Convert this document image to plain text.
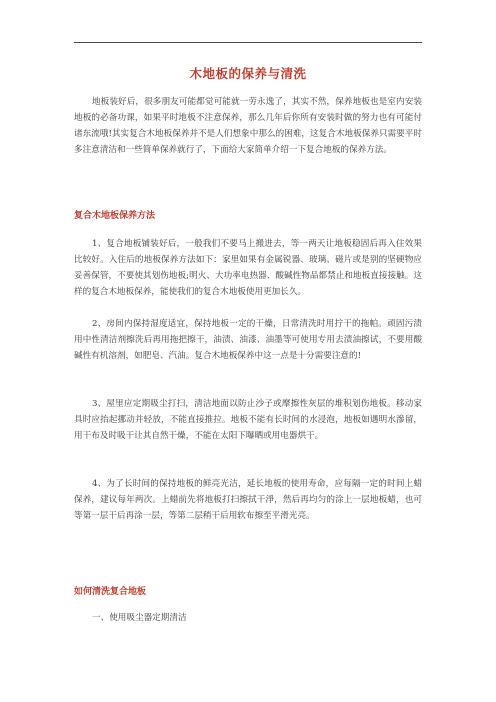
木地板的保养与清洗
地板装好后，很多朋友可能都觉可能就一劳永逸了，其实不然，保养地板也是室内安装地板的必备功课，如果平时地板不注意保养，那么几年后你所有安装时做的努力也有可能付诸东流哦!其实复合木地板保养并不是人们想象中那么的困难，这复合木地板保养只需要平时多注意清洁和一些简单保养就行了，下面给大家简单介绍一下复合地板的保养方法。
复合木地板保养方法
1、复合地板铺装好后，一般我们不要马上搬进去，等一两天让地板稳固后再入住效果比较好。入住后的地板保养方法如下：家里如果有金属锐器、玻璃、磁片或是别的坚硬物应妥善保管，不要使其划伤地板;明火、大功率电热器、酸碱性物品都禁止和地板直接接触。这样的复合木地板保养，能使我们的复合木地板使用更加长久。
2、房间内保持湿度适宜，保持地板一定的干燥，日常清洗时用拧干的拖帕。顽固污渍用中性清洁剂擦洗后再用拖把擦干，油渍、油漆、油墨等可使用专用去渍油擦试，不要用酸碱性有机溶剂，如肥皂、汽油。复合木地板保养中这一点是十分需要注意的!
3、屋里应定期吸尘打扫，清洁地面以防止沙子或摩擦性灰层的堆积划伤地板。移动家具时应抬起挪动并轻放，不能直接推拉。地板不能有长时间的水浸泡，地板如遇明水滲留，用干布及时吸干让其自然干燥，不能在太阳下曝晒或用电器烘干。
4、为了长时间的保持地板的鲜亮光洁，延长地板的使用寿命，应每隔一定的时间上蜡保养，建议每年两次。上蜡前先将地板打扫擦拭干淨，然后再均匀的涂上一层地板蜡，也可等第一层干后再涂一层，等第二层稍干后用软布擦至平滑光亮。
如何清洗复合地板
一、使用吸尘器定期清洁
